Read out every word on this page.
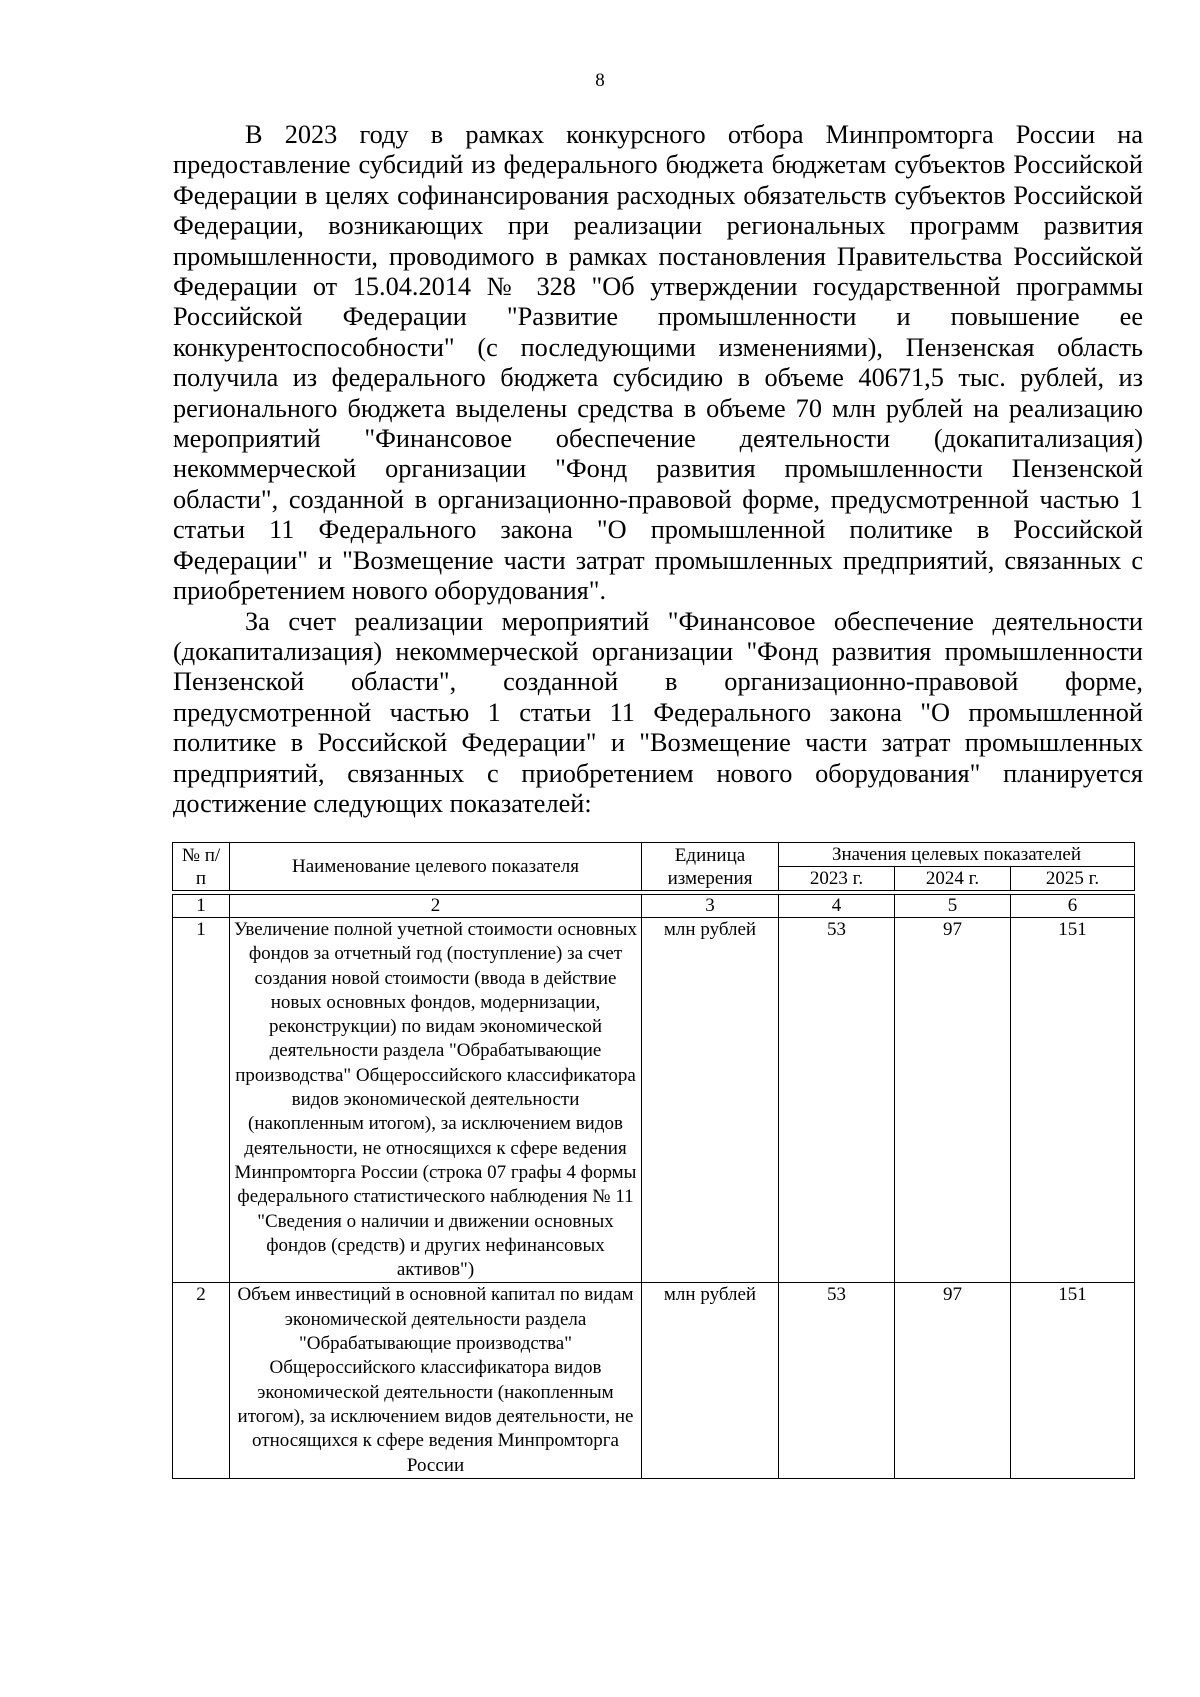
8

В 2023 году в рамках конкурсного отбора Минпромторга России на предоставление субсидий из федерального бюджета бюджетам субъектов Российской Федерации в целях софинансирования расходных обязательств субъектов Российской Федерации, возникающих при реализации региональных программ развития промышленности, проводимого в рамках постановления Правительства Российской Федерации от 15.04.2014 № 328 "Об утверждении государственной программы Российской Федерации "Развитие промышленности и повышение ее конкурентоспособности" (с последующими изменениями), Пензенская область получила из федерального бюджета субсидию в объеме 40671,5 тыс. рублей, из регионального бюджета выделены средства в объеме 70 млн рублей на реализацию мероприятий "Финансовое обеспечение деятельности (докапитализация) некоммерческой организации "Фонд развития промышленности Пензенской области", созданной в организационно-правовой форме, предусмотренной частью 1 статьи 11 Федерального закона "О промышленной политике в Российской Федерации" и "Возмещение части затрат промышленных предприятий, связанных с приобретением нового оборудования".

За счет реализации мероприятий "Финансовое обеспечение деятельности (докапитализация) некоммерческой организации "Фонд развития промышленности Пензенской области", созданной в организационно-правовой форме, предусмотренной частью 1 статьи 11 Федерального закона "О промышленной политике в Российской Федерации" и "Возмещение части затрат промышленных предприятий, связанных с приобретением нового оборудования" планируется достижение следующих показателей:

№ п/п	Наименование целевого показателя	Единица измерения	Значения целевых показателей		
			2023 г.	2024 г.	2025 г.

1	2	3	4	5	6
1	Увеличение полной учетной стоимости основных фондов за отчетный год (поступление) за счет создания новой стоимости (ввода в действие новых основных фондов, модернизации, реконструкции) по видам экономической деятельности раздела "Обрабатывающие производства" Общероссийского классификатора видов экономической деятельности (накопленным итогом), за исключением видов деятельности, не относящихся к сфере ведения Минпромторга России (строка 07 графы 4 формы федерального статистического наблюдения № 11 "Сведения о наличии и движении основных фондов (средств) и других нефинансовых активов")	млн рублей	53	97	151
2	Объем инвестиций в основной капитал по видам экономической деятельности раздела "Обрабатывающие производства" Общероссийского классификатора видов экономической деятельности (накопленным итогом), за исключением видов деятельности, не относящихся к сфере ведения Минпромторга России	млн рублей	53	97	151
